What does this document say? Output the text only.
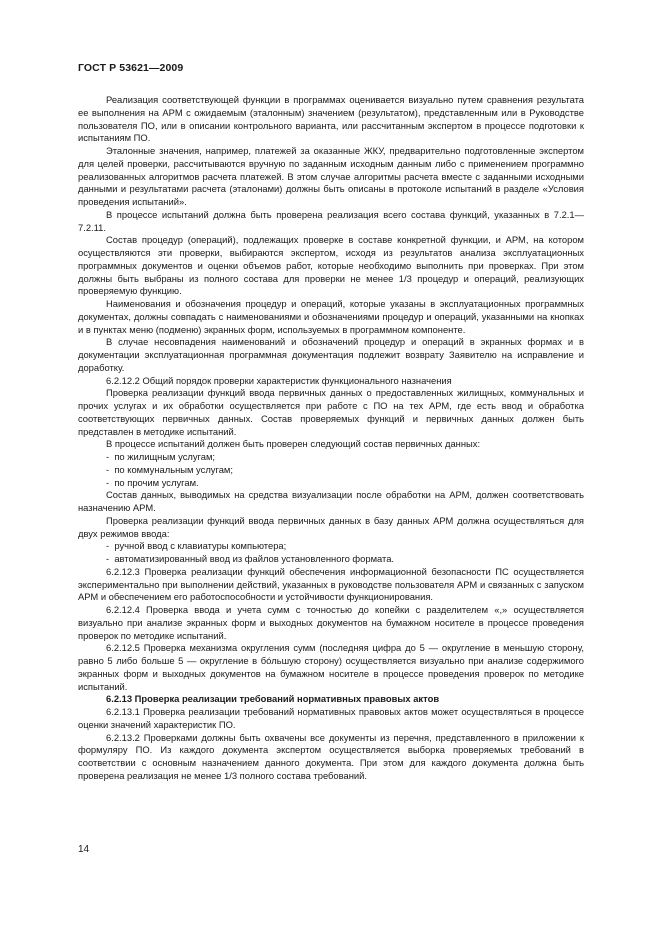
ГОСТ Р 53621—2009

Реализация соответствующей функции в программах оценивается визуально путем сравнения результата ее выполнения на АРМ с ожидаемым (эталонным) значением (результатом), представленным или в Руководстве пользователя ПО, или в описании контрольного варианта, или рассчитанным экспертом в процессе подготовки к испытаниям ПО.

Эталонные значения, например, платежей за оказанные ЖКУ, предварительно подготовленные экспертом для целей проверки, рассчитываются вручную по заданным исходным данным либо с применением программно реализованных алгоритмов расчета платежей. В этом случае алгоритмы расчета вместе с заданными исходными данными и результатами расчета (эталонами) должны быть описаны в протоколе испытаний в разделе «Условия проведения испытаний».

В процессе испытаний должна быть проверена реализация всего состава функций, указанных в 7.2.1—7.2.11.

Состав процедур (операций), подлежащих проверке в составе конкретной функции, и АРМ, на котором осуществляются эти проверки, выбираются экспертом, исходя из результатов анализа эксплуатационных программных документов и оценки объемов работ, которые необходимо выполнить при проверках. При этом должны быть выбраны из полного состава для проверки не менее 1/3 процедур и операций, реализующих проверяемую функцию.

Наименования и обозначения процедур и операций, которые указаны в эксплуатационных программных документах, должны совпадать с наименованиями и обозначениями процедур и операций, указанными на кнопках и в пунктах меню (подменю) экранных форм, используемых в программном компоненте.

В случае несовпадения наименований и обозначений процедур и операций в экранных формах и в документации эксплуатационная программная документация подлежит возврату Заявителю на исправление и доработку.

6.2.12.2 Общий порядок проверки характеристик функционального назначения

Проверка реализации функций ввода первичных данных о предоставленных жилищных, коммунальных и прочих услугах и их обработки осуществляется при работе с ПО на тех АРМ, где есть ввод и обработка соответствующих первичных данных. Состав проверяемых функций и первичных данных должен быть представлен в методике испытаний.

В процессе испытаний должен быть проверен следующий состав первичных данных:

-  по жилищным услугам;
-  по коммунальным услугам;
-  по прочим услугам.

Состав данных, выводимых на средства визуализации после обработки на АРМ, должен соответствовать назначению АРМ.

Проверка реализации функций ввода первичных данных в базу данных АРМ должна осуществляться для двух режимов ввода:

-  ручной ввод с клавиатуры компьютера;
-  автоматизированный ввод из файлов установленного формата.

6.2.12.3 Проверка реализации функций обеспечения информационной безопасности ПС осуществляется экспериментально при выполнении действий, указанных в руководстве пользователя АРМ и связанных с запуском АРМ и обеспечением его работоспособности и устойчивости функционирования.

6.2.12.4 Проверка ввода и учета сумм с точностью до копейки с разделителем «,» осуществляется визуально при анализе экранных форм и выходных документов на бумажном носителе в процессе проведения проверок по методике испытаний.

6.2.12.5 Проверка механизма округления сумм (последняя цифра до 5 — округление в меньшую сторону, равно 5 либо больше 5 — округление в бóльшую сторону) осуществляется визуально при анализе содержимого экранных форм и выходных документов на бумажном носителе в процессе проведения проверок по методике испытаний.

6.2.13 Проверка реализации требований нормативных правовых актов

6.2.13.1 Проверка реализации требований нормативных правовых актов может осуществляться в процессе оценки значений характеристик ПО.

6.2.13.2 Проверками должны быть охвачены все документы из перечня, представленного в приложении к формуляру ПО. Из каждого документа экспертом осуществляется выборка проверяемых требований в соответствии с основным назначением данного документа. При этом для каждого документа должна быть проверена реализация не менее 1/3 полного состава требований.

14
